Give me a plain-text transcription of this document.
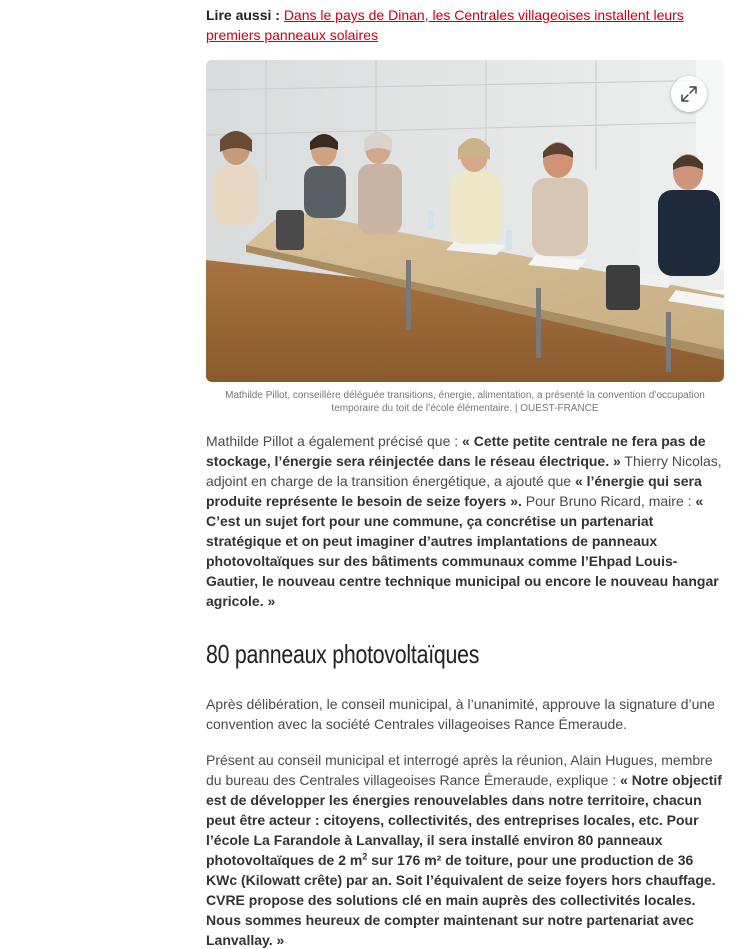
Lire aussi : Dans le pays de Dinan, les Centrales villageoises installent leurs premiers panneaux solaires
Mathilde Pillot, conseillère déléguée transitions, énergie, alimentation, a présenté la convention d’occupation temporaire du toit de l’école élémentaire. | OUEST-FRANCE

Mathilde Pillot a également précisé que : « Cette petite centrale ne fera pas de stockage, l’énergie sera réinjectée dans le réseau électrique. » Thierry Nicolas, adjoint en charge de la transition énergétique, a ajouté que « l’énergie qui sera produite représente le besoin de seize foyers ». Pour Bruno Ricard, maire : « C’est un sujet fort pour une commune, ça concrétise un partenariat stratégique et on peut imaginer d’autres implantations de panneaux photovoltaïques sur des bâtiments communaux comme l’Ehpad Louis-Gautier, le nouveau centre technique municipal ou encore le nouveau hangar agricole. »

80 panneaux photovoltaïques

Après délibération, le conseil municipal, à l’unanimité, approuve la signature d’une convention avec la société Centrales villageoises Rance Émeraude.

Présent au conseil municipal et interrogé après la réunion, Alain Hugues, membre du bureau des Centrales villageoises Rance Émeraude, explique : « Notre objectif est de développer les énergies renouvelables dans notre territoire, chacun peut être acteur : citoyens, collectivités, des entreprises locales, etc. Pour l’école La Farandole à Lanvallay, il sera installé environ 80 panneaux photovoltaïques de 2 $m^2$ sur 176 m² de toiture, pour une production de 36 KWc (Kilowatt crête) par an. Soit l’équivalent de seize foyers hors chauffage. CVRE propose des solutions clé en main auprès des collectivités locales. Nous sommes heureux de compter maintenant sur notre partenariat avec Lanvallay. »
